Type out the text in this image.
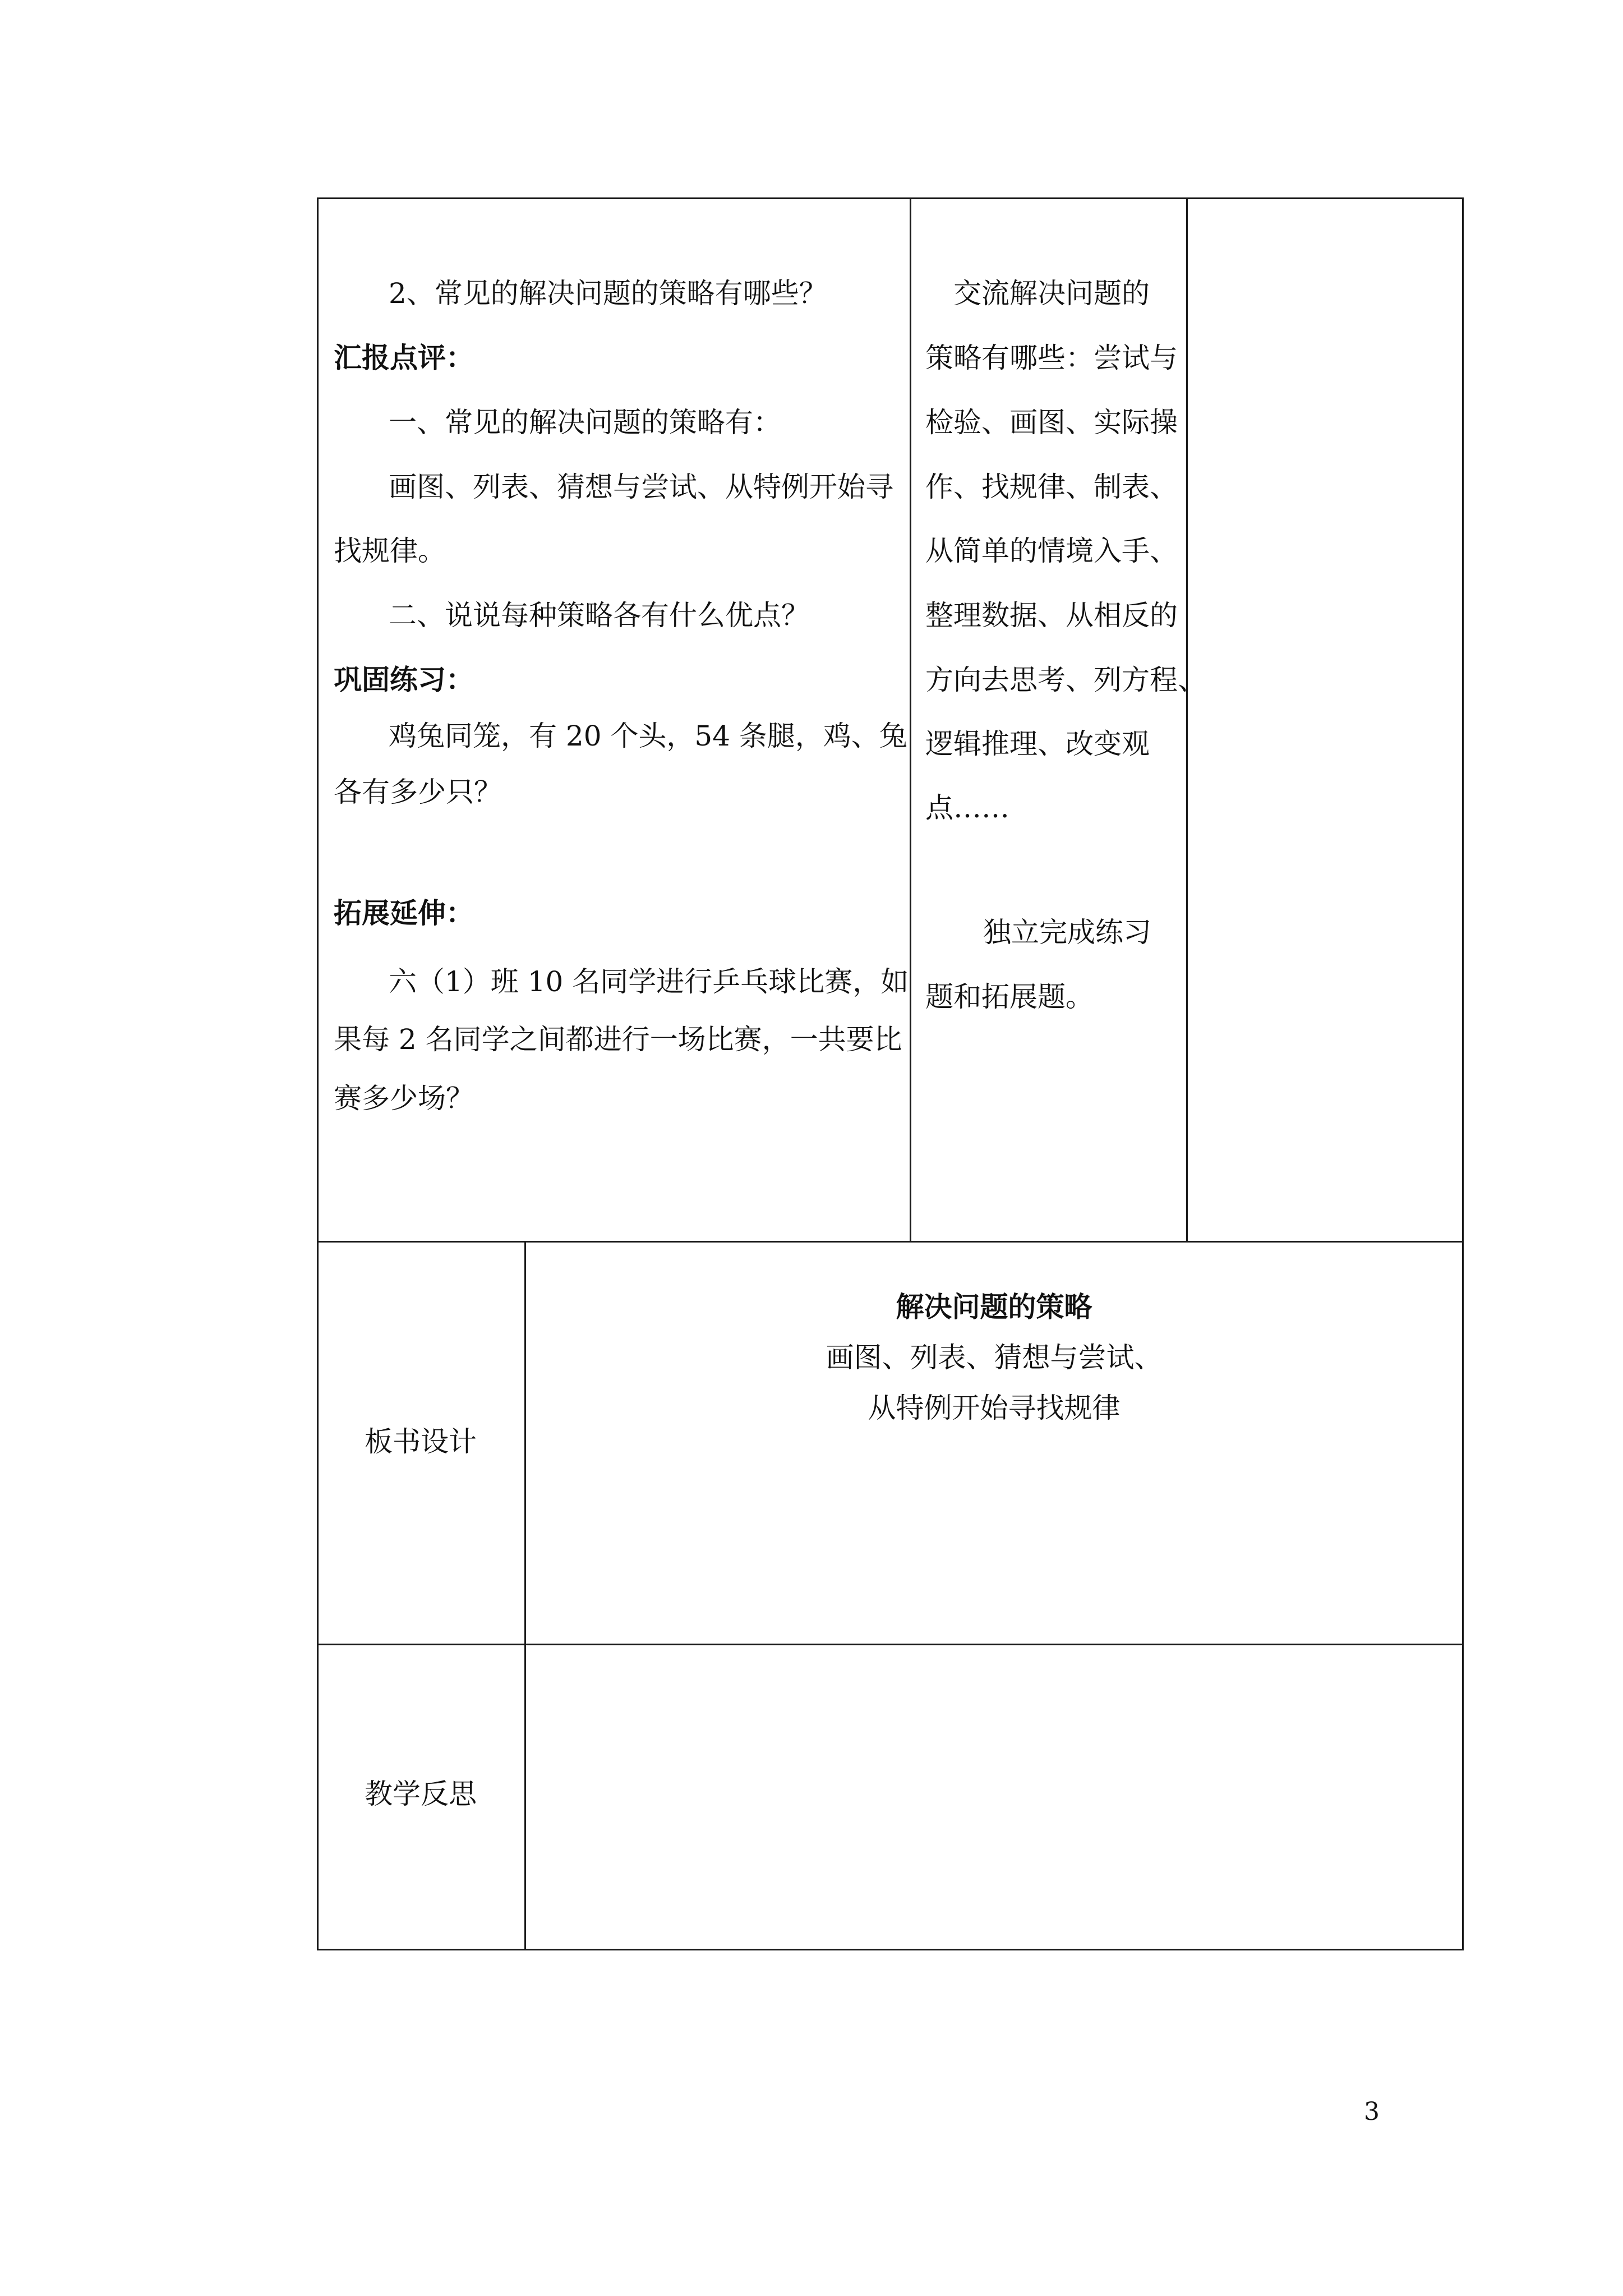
2、常见的解决问题的策略有哪些？
汇报点评：
一、常见的解决问题的策略有：
画图、列表、猜想与尝试、从特例开始寻
找规律。
二、说说每种策略各有什么优点？
巩固练习：
鸡兔同笼，有 20 个头，54 条腿，鸡、兔
各有多少只？
拓展延伸：
六（1）班 10 名同学进行乒乓球比赛，如
果每 2 名同学之间都进行一场比赛，一共要比
赛多少场？
交流解决问题的
策略有哪些：尝试与
检验、画图、实际操
作、找规律、制表、
从简单的情境入手、
整理数据、从相反的
方向去思考、列方程、
逻辑推理、改变观
点……
独立完成练习
题和拓展题。
板书设计
解决问题的策略
画图、列表、猜想与尝试、
从特例开始寻找规律
教学反思
3
